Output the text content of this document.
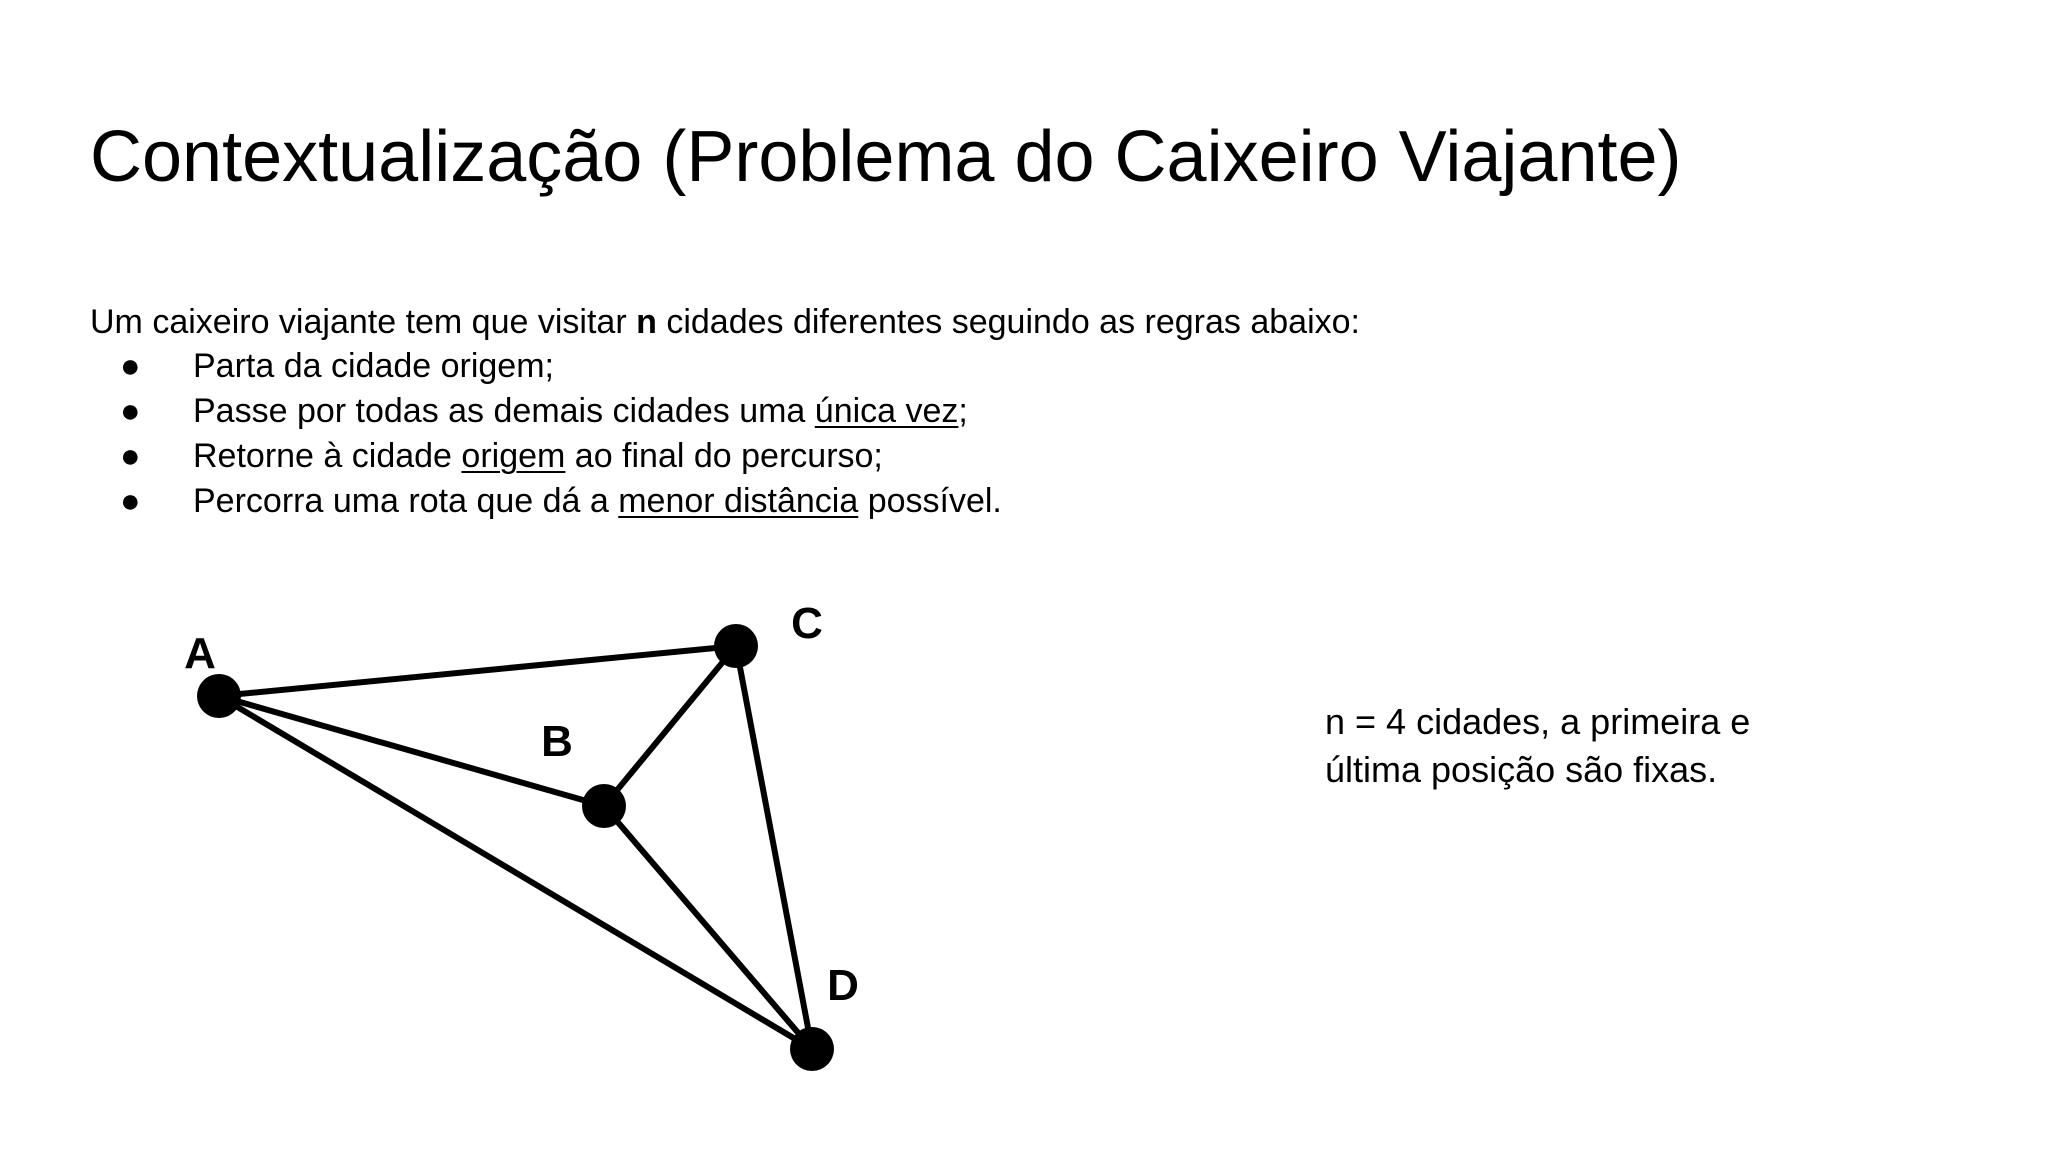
Contextualização (Problema do Caixeiro Viajante)
Um caixeiro viajante tem que visitar n cidades diferentes seguindo as regras abaixo:
● Parta da cidade origem;
● Passe por todas as demais cidades uma única vez;
● Retorne à cidade origem ao final do percurso;
● Percorra uma rota que dá a menor distância possível.
A
B
C
D
n = 4 cidades, a primeira e
última posição são fixas.
